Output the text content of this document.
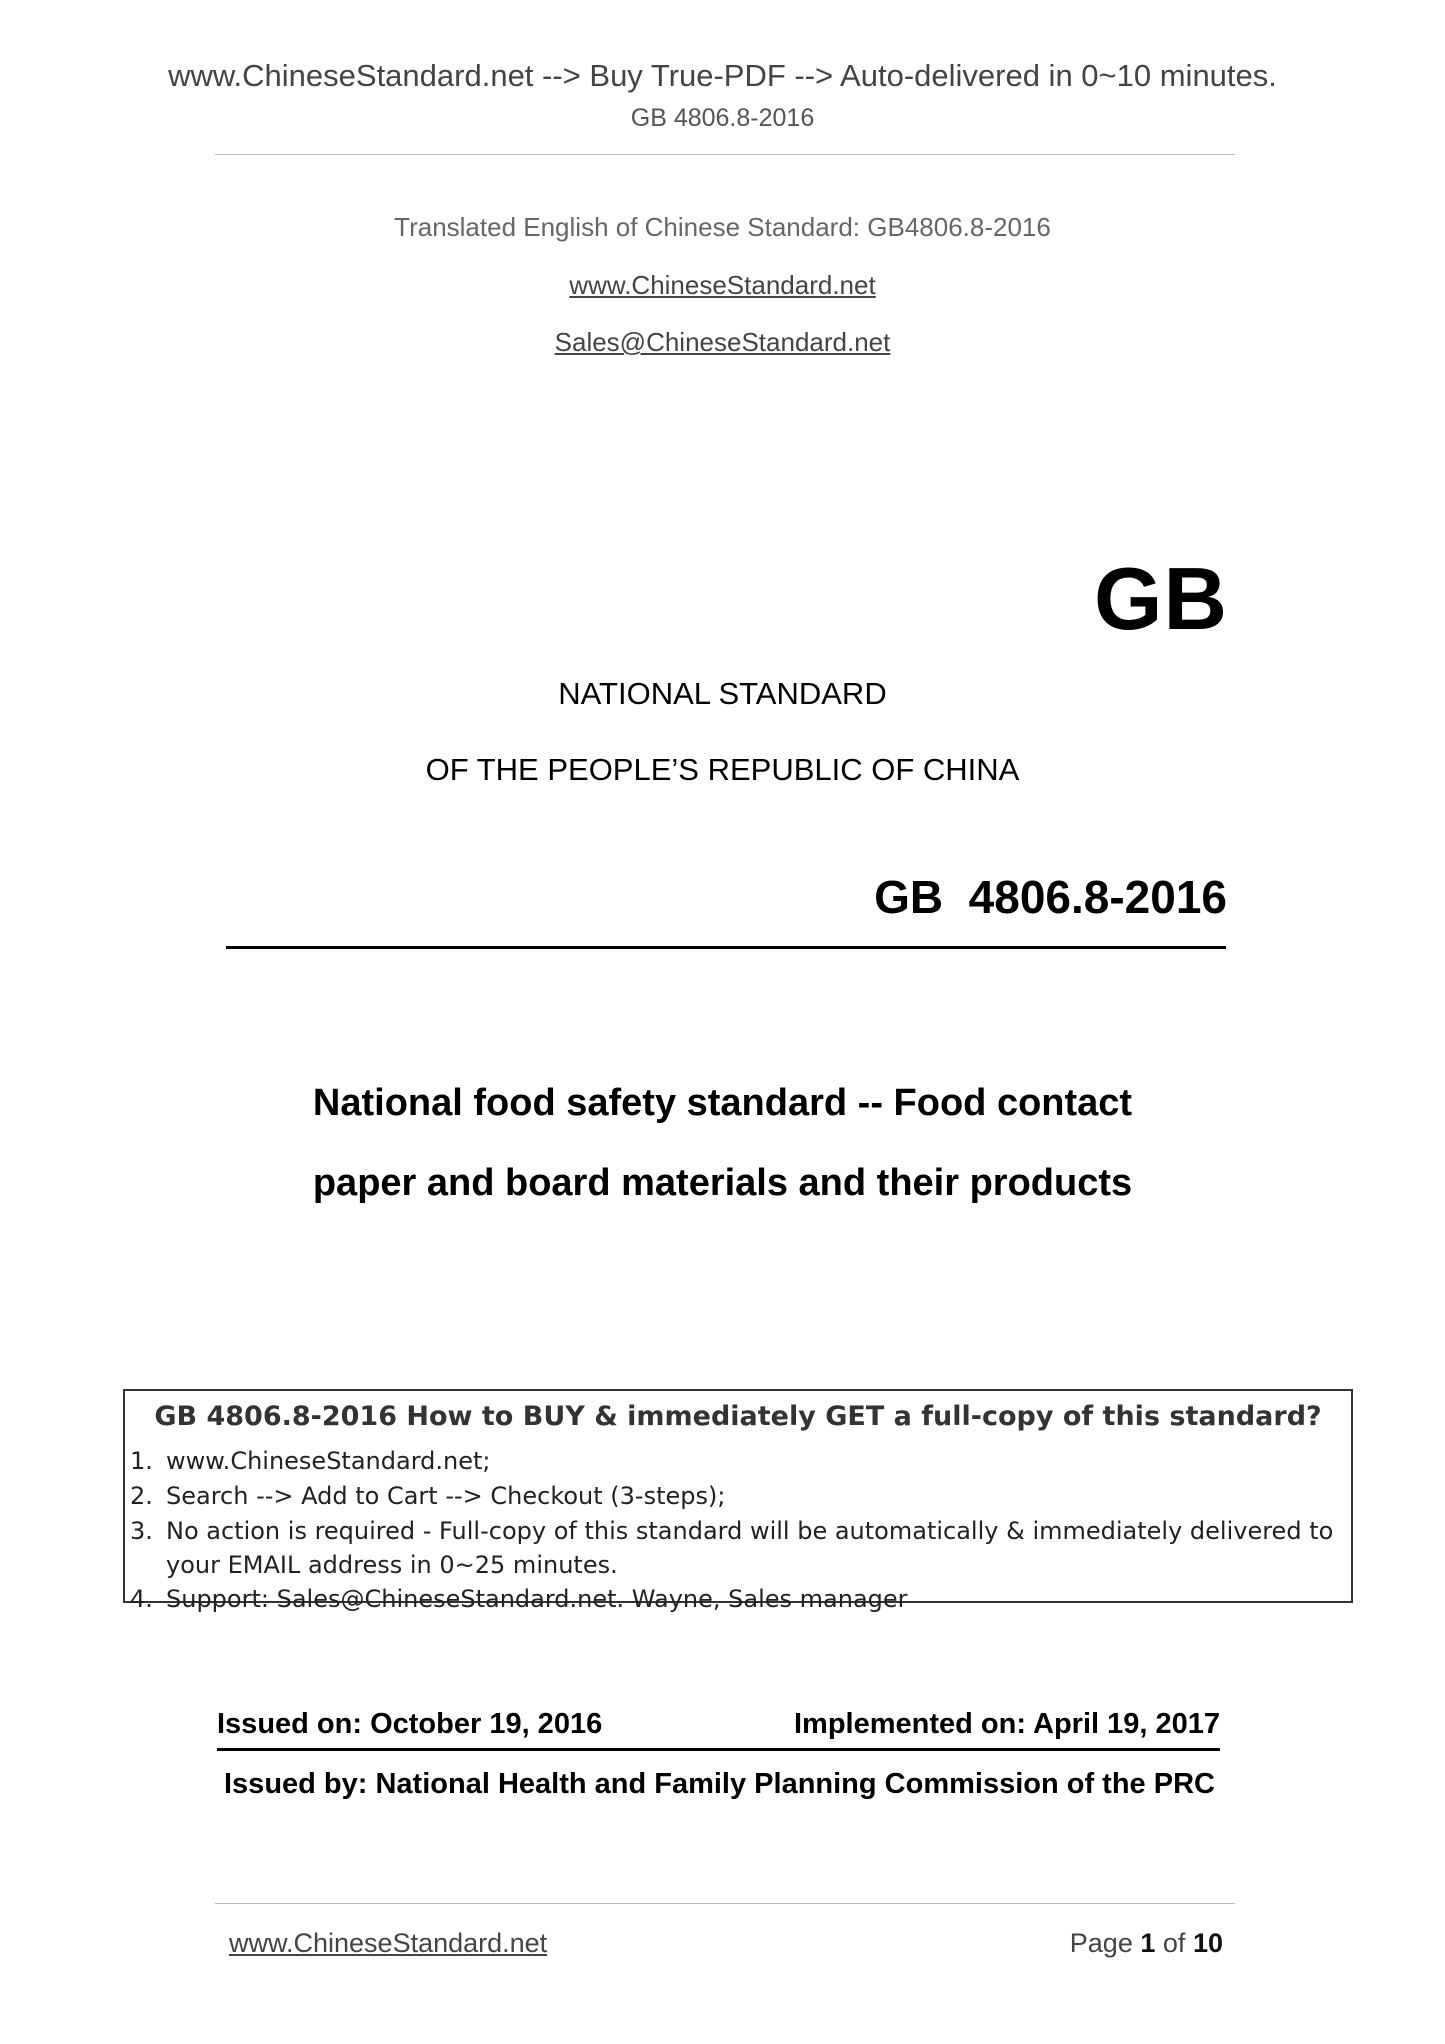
www.ChineseStandard.net --> Buy True-PDF --> Auto-delivered in 0~10 minutes.
GB 4806.8-2016
Translated English of Chinese Standard: GB4806.8-2016
www.ChineseStandard.net
Sales@ChineseStandard.net
GB
NATIONAL STANDARD
OF THE PEOPLE’S REPUBLIC OF CHINA
GB  4806.8-2016
National food safety standard -- Food contact
paper and board materials and their products
GB 4806.8-2016 How to BUY & immediately GET a full-copy of this standard?
1. www.ChineseStandard.net;
2. Search --> Add to Cart --> Checkout (3-steps);
3. No action is required - Full-copy of this standard will be automatically & immediately delivered to
your EMAIL address in 0~25 minutes.
4. Support: Sales@ChineseStandard.net. Wayne, Sales manager
Issued on: October 19, 2016	Implemented on: April 19, 2017
Issued by: National Health and Family Planning Commission of the PRC
www.ChineseStandard.net	Page 1 of 10
